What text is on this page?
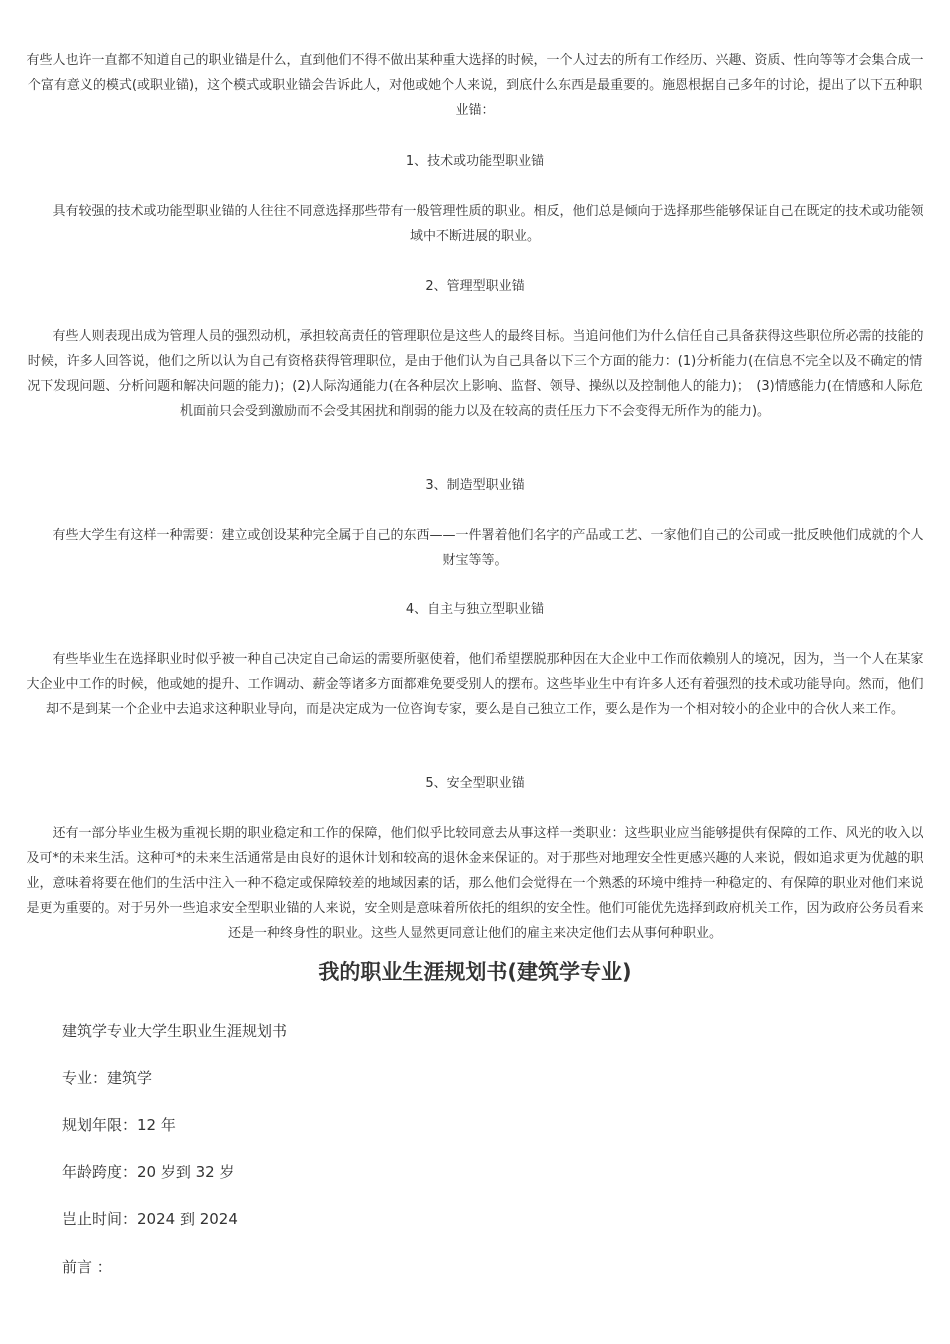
有些人也许一直都不知道自己的职业锚是什么，直到他们不得不做出某种重大选择的时候，一个人过去的所有工作经历、兴趣、资质、性向等等才会集合成一个富有意义的模式(或职业锚)，这个模式或职业锚会告诉此人，对他或她个人来说，到底什么东西是最重要的。施恩根据自己多年的讨论，提出了以下五种职业锚：

1、技术或功能型职业锚

具有较强的技术或功能型职业锚的人往往不同意选择那些带有一般管理性质的职业。相反，他们总是倾向于选择那些能够保证自己在既定的技术或功能领域中不断进展的职业。

2、管理型职业锚

有些人则表现出成为管理人员的强烈动机，承担较高责任的管理职位是这些人的最终目标。当追问他们为什么信任自己具备获得这些职位所必需的技能的时候，许多人回答说，他们之所以认为自己有资格获得管理职位，是由于他们认为自己具备以下三个方面的能力：(1)分析能力(在信息不完全以及不确定的情况下发现问题、分析问题和解决问题的能力)；(2)人际沟通能力(在各种层次上影响、监督、领导、操纵以及控制他人的能力)；　(3)情感能力(在情感和人际危机面前只会受到激励而不会受其困扰和削弱的能力以及在较高的责任压力下不会变得无所作为的能力)。

3、制造型职业锚

有些大学生有这样一种需要：建立或创设某种完全属于自己的东西——一件署着他们名字的产品或工艺、一家他们自己的公司或一批反映他们成就的个人财宝等等。

4、自主与独立型职业锚

有些毕业生在选择职业时似乎被一种自己决定自己命运的需要所驱使着，他们希望摆脱那种因在大企业中工作而依赖别人的境况，因为，当一个人在某家大企业中工作的时候，他或她的提升、工作调动、薪金等诸多方面都难免要受别人的摆布。这些毕业生中有许多人还有着强烈的技术或功能导向。然而，他们却不是到某一个企业中去追求这种职业导向，而是决定成为一位咨询专家，要么是自己独立工作，要么是作为一个相对较小的企业中的合伙人来工作。

5、安全型职业锚

还有一部分毕业生极为重视长期的职业稳定和工作的保障，他们似乎比较同意去从事这样一类职业：这些职业应当能够提供有保障的工作、风光的收入以及可*的未来生活。这种可*的未来生活通常是由良好的退休计划和较高的退休金来保证的。对于那些对地理安全性更感兴趣的人来说，假如追求更为优越的职业，意味着将要在他们的生活中注入一种不稳定或保障较差的地域因素的话，那么他们会觉得在一个熟悉的环境中维持一种稳定的、有保障的职业对他们来说是更为重要的。对于另外一些追求安全型职业锚的人来说，安全则是意味着所依托的组织的安全性。他们可能优先选择到政府机关工作，因为政府公务员看来还是一种终身性的职业。这些人显然更同意让他们的雇主来决定他们去从事何种职业。

我的职业生涯规划书(建筑学专业)

建筑学专业大学生职业生涯规划书

专业：建筑学

规划年限：12 年

年龄跨度：20 岁到 32 岁

岂止时间：2024 到 2024

前言 ：
